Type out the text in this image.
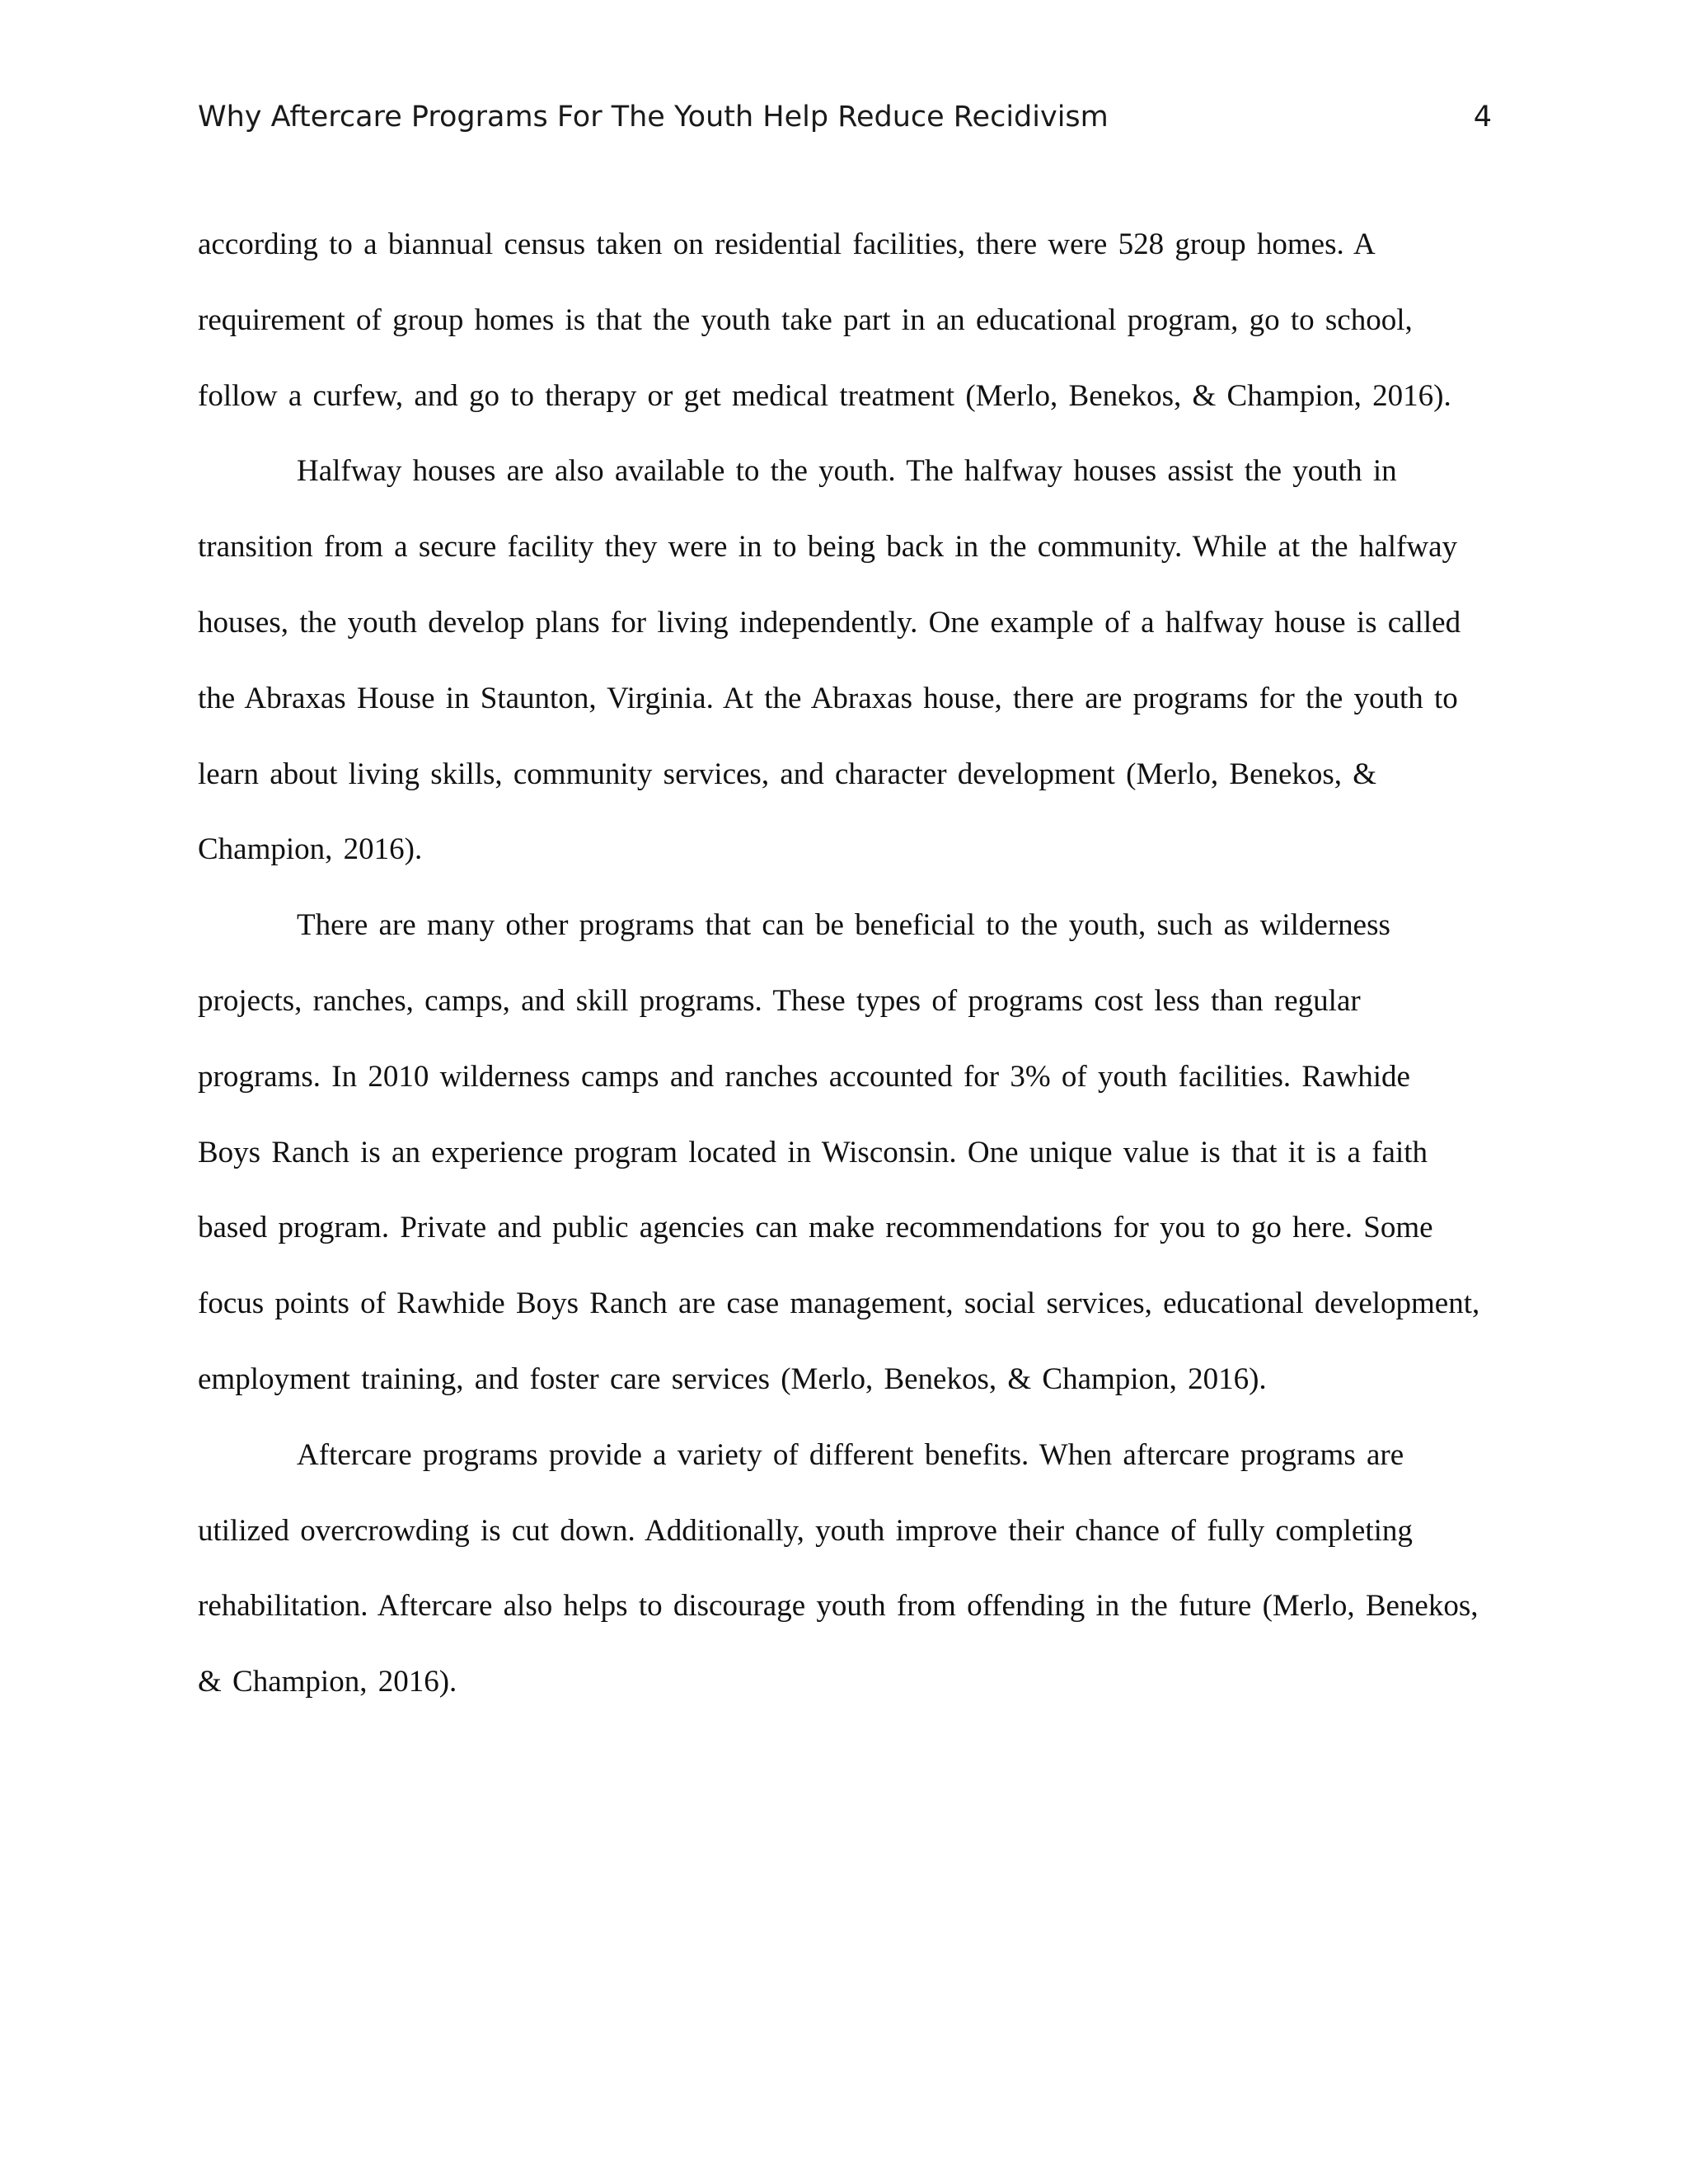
Why Aftercare Programs For The Youth Help Reduce Recidivism	4

according to a biannual census taken on residential facilities, there were 528 group homes. A requirement of group homes is that the youth take part in an educational program, go to school, follow a curfew, and go to therapy or get medical treatment (Merlo, Benekos, & Champion, 2016).

Halfway houses are also available to the youth. The halfway houses assist the youth in transition from a secure facility they were in to being back in the community. While at the halfway houses, the youth develop plans for living independently. One example of a halfway house is called the Abraxas House in Staunton, Virginia. At the Abraxas house, there are programs for the youth to learn about living skills, community services, and character development (Merlo, Benekos, & Champion, 2016).

There are many other programs that can be beneficial to the youth, such as wilderness projects, ranches, camps, and skill programs. These types of programs cost less than regular programs. In 2010 wilderness camps and ranches accounted for 3% of youth facilities. Rawhide Boys Ranch is an experience program located in Wisconsin. One unique value is that it is a faith based program. Private and public agencies can make recommendations for you to go here. Some focus points of Rawhide Boys Ranch are case management, social services, educational development, employment training, and foster care services (Merlo, Benekos, & Champion, 2016).

Aftercare programs provide a variety of different benefits. When aftercare programs are utilized overcrowding is cut down. Additionally, youth improve their chance of fully completing rehabilitation. Aftercare also helps to discourage youth from offending in the future (Merlo, Benekos, & Champion, 2016).
